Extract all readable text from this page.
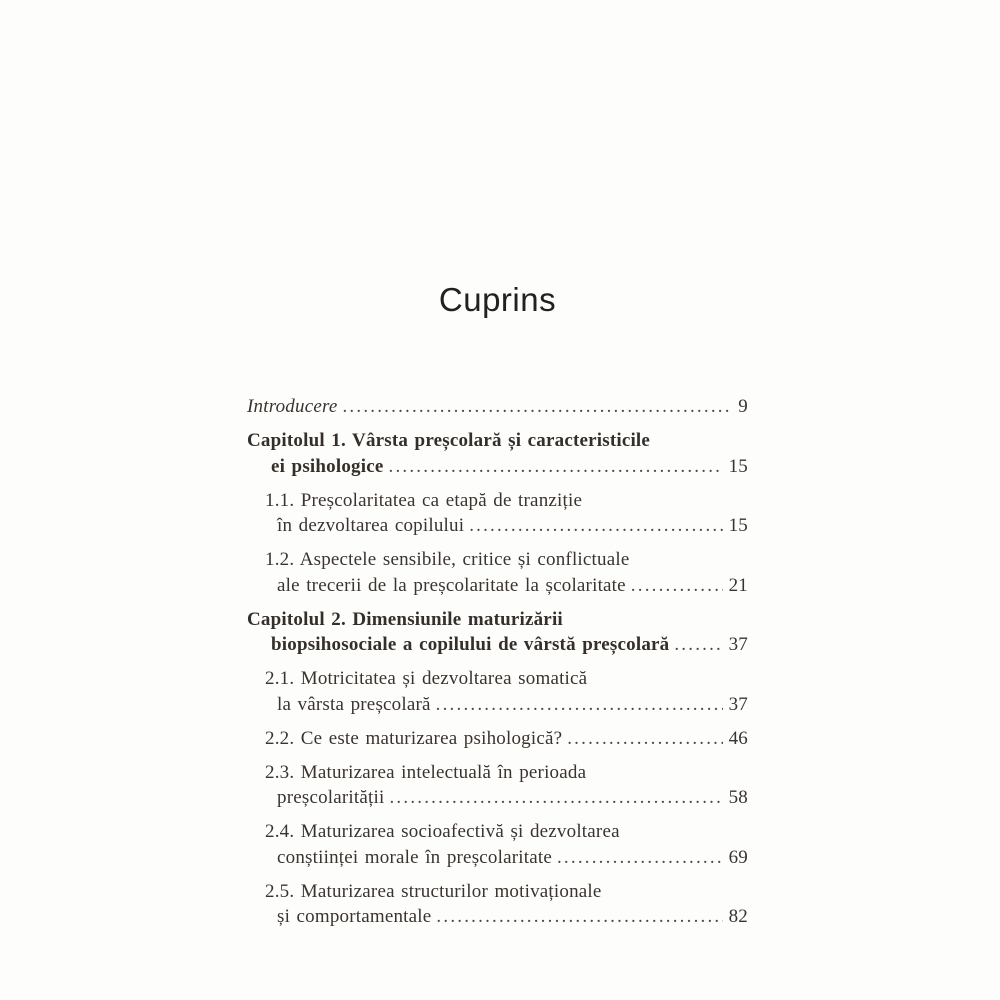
Cuprins
Introducere .....	9
Capitolul 1. Vârsta preșcolară și caracteristicile
ei psihologice .....	15
1.1. Preșcolaritatea ca etapă de tranziție
în dezvoltarea copilului .....	15
1.2. Aspectele sensibile, critice și conflictuale
ale trecerii de la preșcolaritate la școlaritate .....	21
Capitolul 2. Dimensiunile maturizării
biopsihosociale a copilului de vârstă preșcolară .....	37
2.1. Motricitatea și dezvoltarea somatică
la vârsta preșcolară .....	37
2.2. Ce este maturizarea psihologică? .....	46
2.3. Maturizarea intelectuală în perioada
preșcolarității .....	58
2.4. Maturizarea socioafectivă și dezvoltarea
conștiinței morale în preșcolaritate .....	69
2.5. Maturizarea structurilor motivaționale
și comportamentale .....	82
